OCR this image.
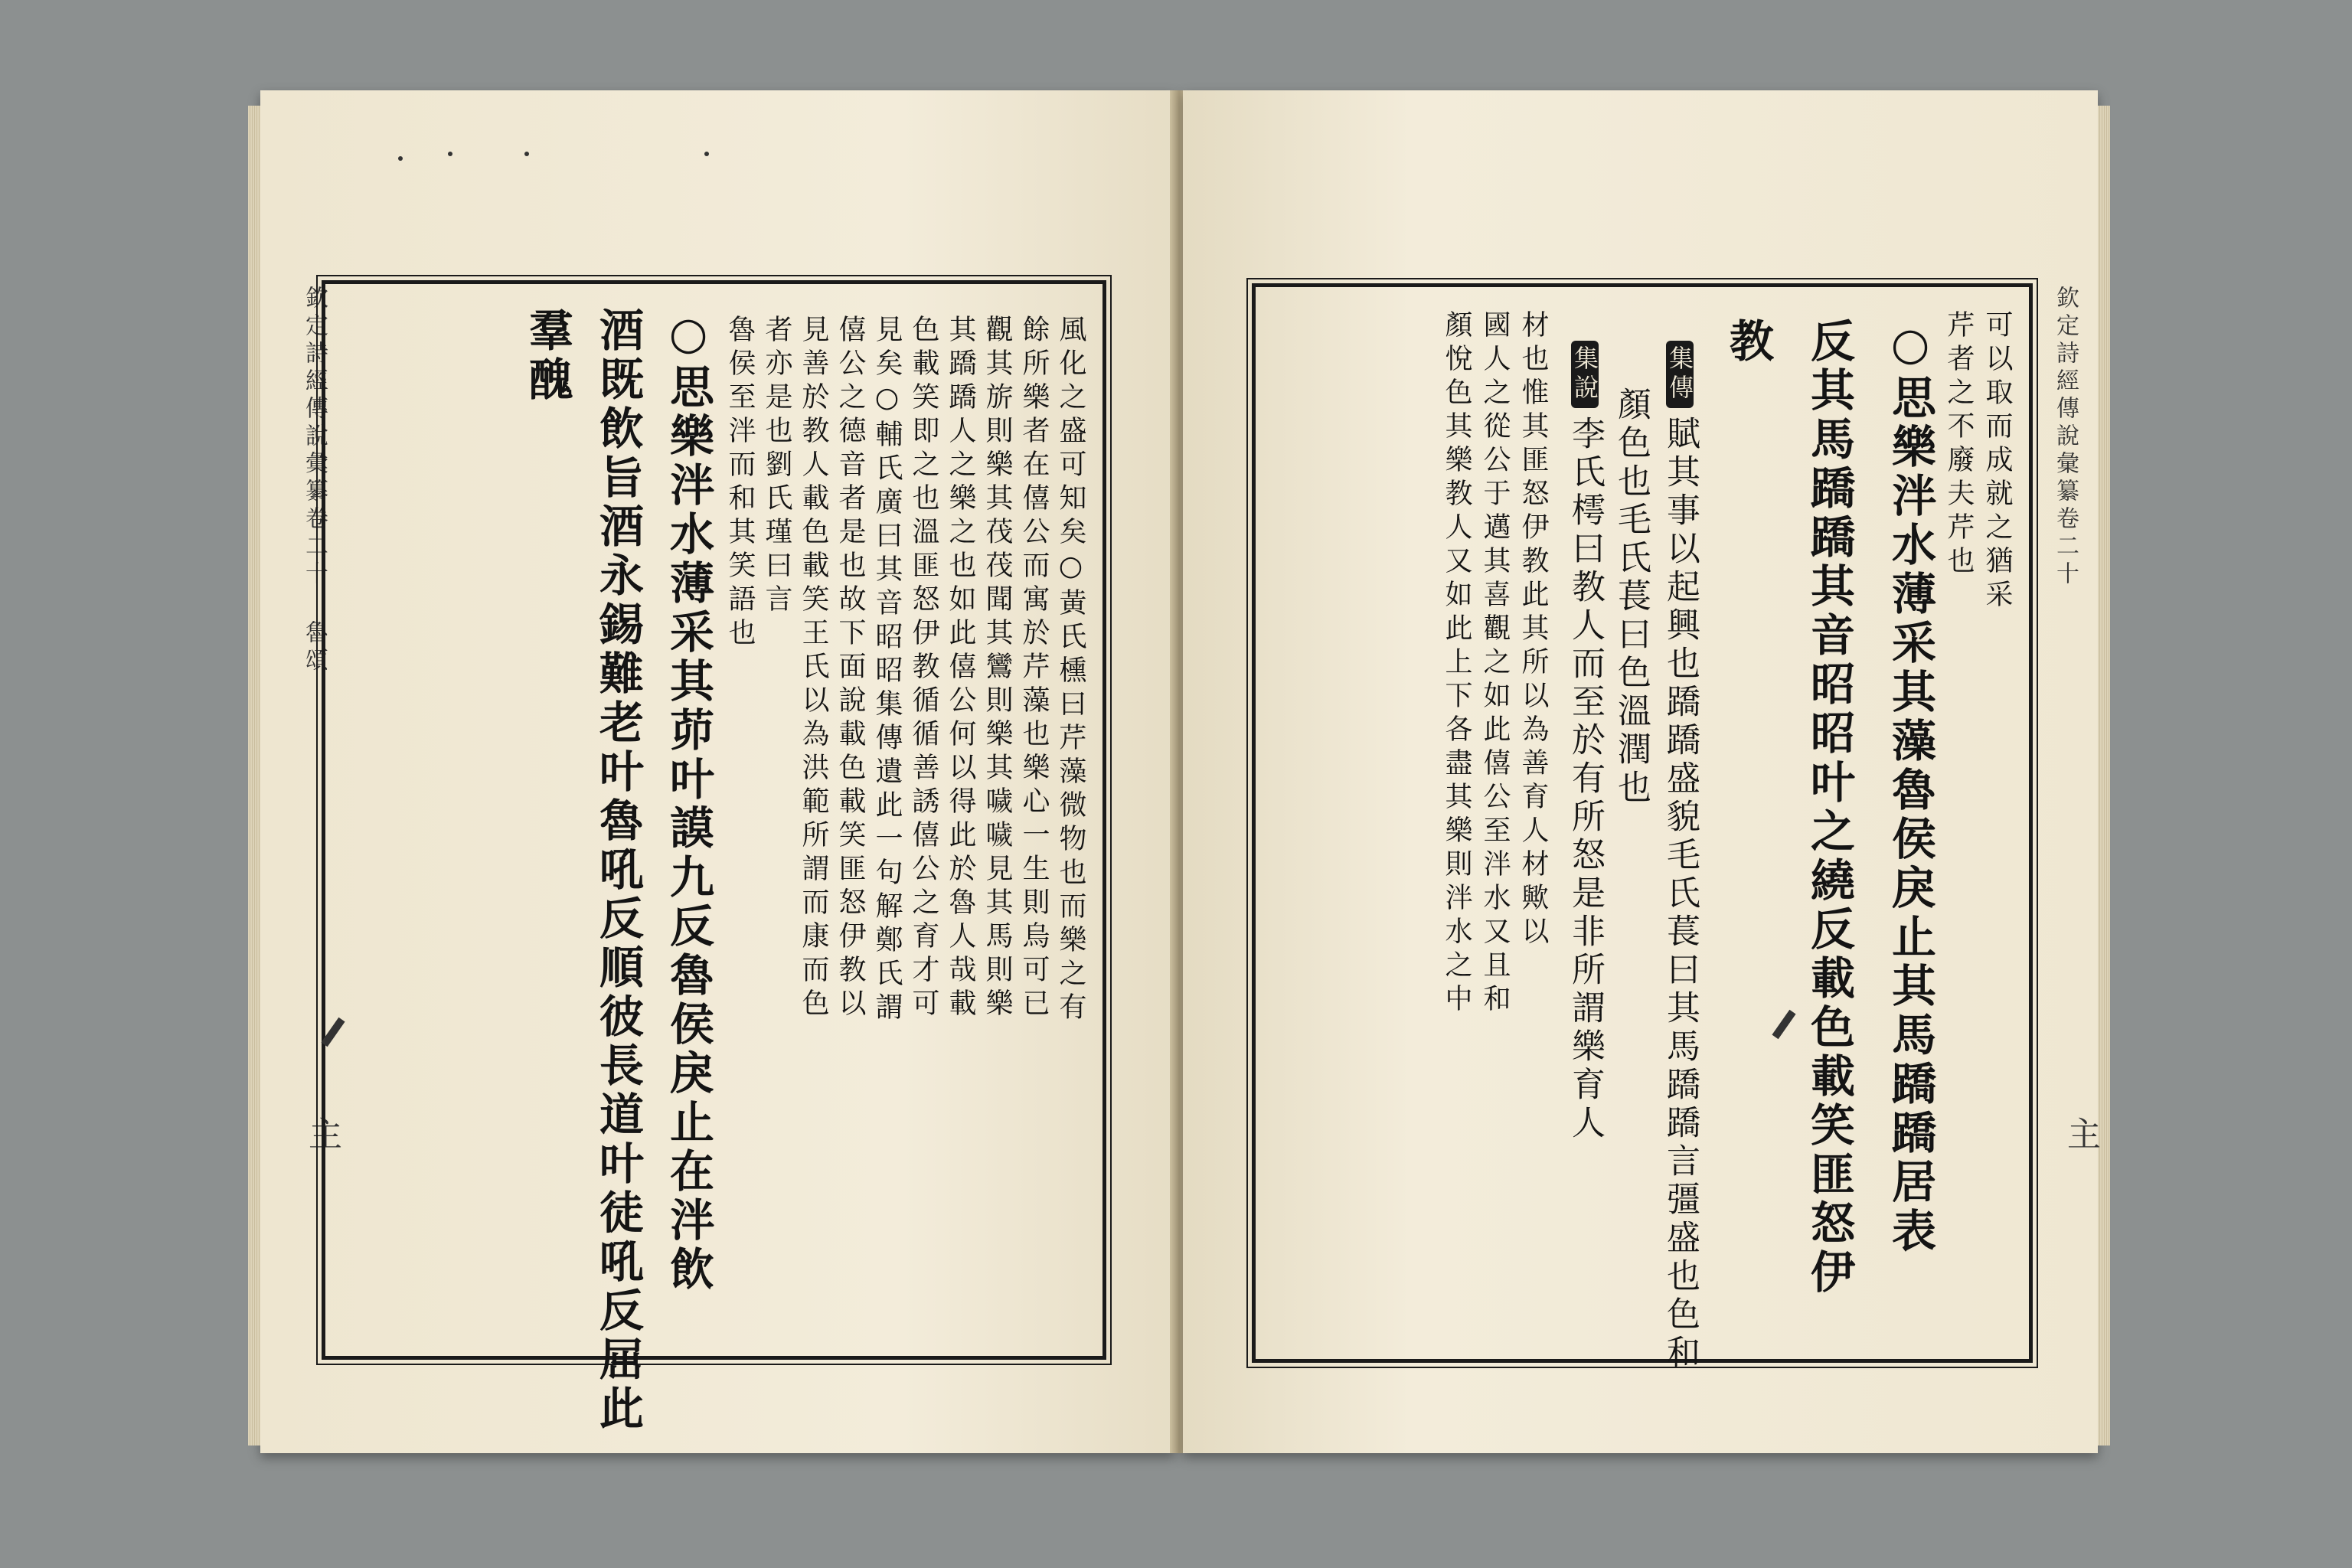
欽定詩經傳說彙纂卷二十 魯頌
主
風化之盛可知矣○黃氏櫄曰芹藻微物也而樂之有
餘所樂者在僖公而寓於芹藻也樂心一生則烏可已
觀其旂則樂其茷茷聞其鸞則樂其噦噦見其馬則樂
其蹻蹻人之樂之也如此僖公何以得此於魯人哉載
色載笑即之也溫匪怒伊教循循善誘僖公之育才可
見矣○輔氏廣曰其音昭昭集傳遺此一句解鄭氏謂
僖公之德音者是也故下面說載色載笑匪怒伊教以
見善於教人載色載笑王氏以為洪範所謂而康而色
者亦是也劉氏瑾曰言
魯侯至泮而和其笑語也
○思樂泮水薄采其茆叶謨九反魯侯戾止在泮飲
酒既飲旨酒永錫難老叶魯吼反順彼長道叶徒吼反屈此
羣醜	欽定詩經傳說彙纂卷二十
主
可以取而成就之猶采
芹者之不廢夫芹也
○思樂泮水薄采其藻魯侯戾止其馬蹻蹻居表
反其馬蹻蹻其音昭昭叶之繞反載色載笑匪怒伊
教
集傳賦其事以起興也蹻蹻盛貌毛氏萇曰其馬蹻蹻言彊盛也色和
顏色也毛氏萇曰色溫潤也
集說李氏樗曰教人而至於有所怒是非所謂樂育人
材也惟其匪怒伊教此其所以為善育人材歟以
國人之從公于邁其喜觀之如此僖公至泮水又且和
顏悅色其樂教人又如此上下各盡其樂則泮水之中
